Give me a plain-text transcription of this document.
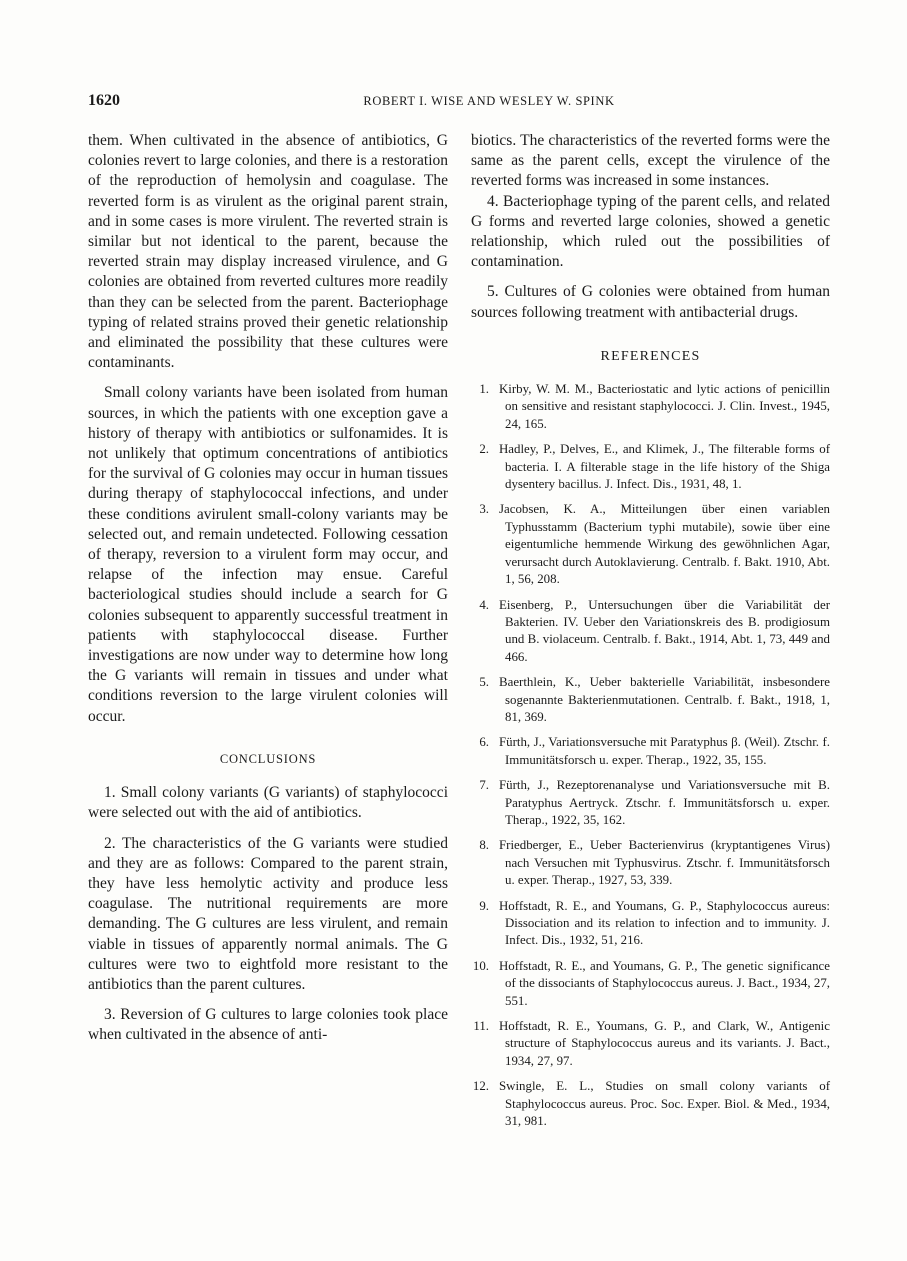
1620	ROBERT I. WISE AND WESLEY W. SPINK

them. When cultivated in the absence of antibiotics, G colonies revert to large colonies, and there is a restoration of the reproduction of hemolysin and coagulase. The reverted form is as virulent as the original parent strain, and in some cases is more virulent. The reverted strain is similar but not identical to the parent, because the reverted strain may display increased virulence, and G colonies are obtained from reverted cultures more readily than they can be selected from the parent. Bacteriophage typing of related strains proved their genetic relationship and eliminated the possibility that these cultures were contaminants.

Small colony variants have been isolated from human sources, in which the patients with one exception gave a history of therapy with antibiotics or sulfonamides. It is not unlikely that optimum concentrations of antibiotics for the survival of G colonies may occur in human tissues during therapy of staphylococcal infections, and under these conditions avirulent small-colony variants may be selected out, and remain undetected. Following cessation of therapy, reversion to a virulent form may occur, and relapse of the infection may ensue. Careful bacteriological studies should include a search for G colonies subsequent to apparently successful treatment in patients with staphylococcal disease. Further investigations are now under way to determine how long the G variants will remain in tissues and under what conditions reversion to the large virulent colonies will occur.

CONCLUSIONS

1. Small colony variants (G variants) of staphylococci were selected out with the aid of antibiotics.

2. The characteristics of the G variants were studied and they are as follows: Compared to the parent strain, they have less hemolytic activity and produce less coagulase. The nutritional requirements are more demanding. The G cultures are less virulent, and remain viable in tissues of apparently normal animals. The G cultures were two to eightfold more resistant to the antibiotics than the parent cultures.

3. Reversion of G cultures to large colonies took place when cultivated in the absence of anti-

biotics. The characteristics of the reverted forms were the same as the parent cells, except the virulence of the reverted forms was increased in some instances.

4. Bacteriophage typing of the parent cells, and related G forms and reverted large colonies, showed a genetic relationship, which ruled out the possibilities of contamination.

5. Cultures of G colonies were obtained from human sources following treatment with antibacterial drugs.

REFERENCES
1. Kirby, W. M. M., Bacteriostatic and lytic actions of penicillin on sensitive and resistant staphylococci. J. Clin. Invest., 1945, 24, 165.
2. Hadley, P., Delves, E., and Klimek, J., The filterable forms of bacteria. I. A filterable stage in the life history of the Shiga dysentery bacillus. J. Infect. Dis., 1931, 48, 1.
3. Jacobsen, K. A., Mitteilungen über einen variablen Typhusstamm (Bacterium typhi mutabile), sowie über eine eigentumliche hemmende Wirkung des gewöhnlichen Agar, verursacht durch Autoklavierung. Centralb. f. Bakt. 1910, Abt. 1, 56, 208.
4. Eisenberg, P., Untersuchungen über die Variabilität der Bakterien. IV. Ueber den Variationskreis des B. prodigiosum und B. violaceum. Centralb. f. Bakt., 1914, Abt. 1, 73, 449 and 466.
5. Baerthlein, K., Ueber bakterielle Variabilität, insbesondere sogenannte Bakterienmutationen. Centralb. f. Bakt., 1918, 1, 81, 369.
6. Fürth, J., Variationsversuche mit Paratyphus β. (Weil). Ztschr. f. Immunitätsforsch u. exper. Therap., 1922, 35, 155.
7. Fürth, J., Rezeptorenanalyse und Variationsversuche mit B. Paratyphus Aertryck. Ztschr. f. Immunitätsforsch u. exper. Therap., 1922, 35, 162.
8. Friedberger, E., Ueber Bacterienvirus (kryptantigenes Virus) nach Versuchen mit Typhusvirus. Ztschr. f. Immunitätsforsch u. exper. Therap., 1927, 53, 339.
9. Hoffstadt, R. E., and Youmans, G. P., Staphylococcus aureus: Dissociation and its relation to infection and to immunity. J. Infect. Dis., 1932, 51, 216.
10. Hoffstadt, R. E., and Youmans, G. P., The genetic significance of the dissociants of Staphylococcus aureus. J. Bact., 1934, 27, 551.
11. Hoffstadt, R. E., Youmans, G. P., and Clark, W., Antigenic structure of Staphylococcus aureus and its variants. J. Bact., 1934, 27, 97.
12. Swingle, E. L., Studies on small colony variants of Staphylococcus aureus. Proc. Soc. Exper. Biol. & Med., 1934, 31, 981.
